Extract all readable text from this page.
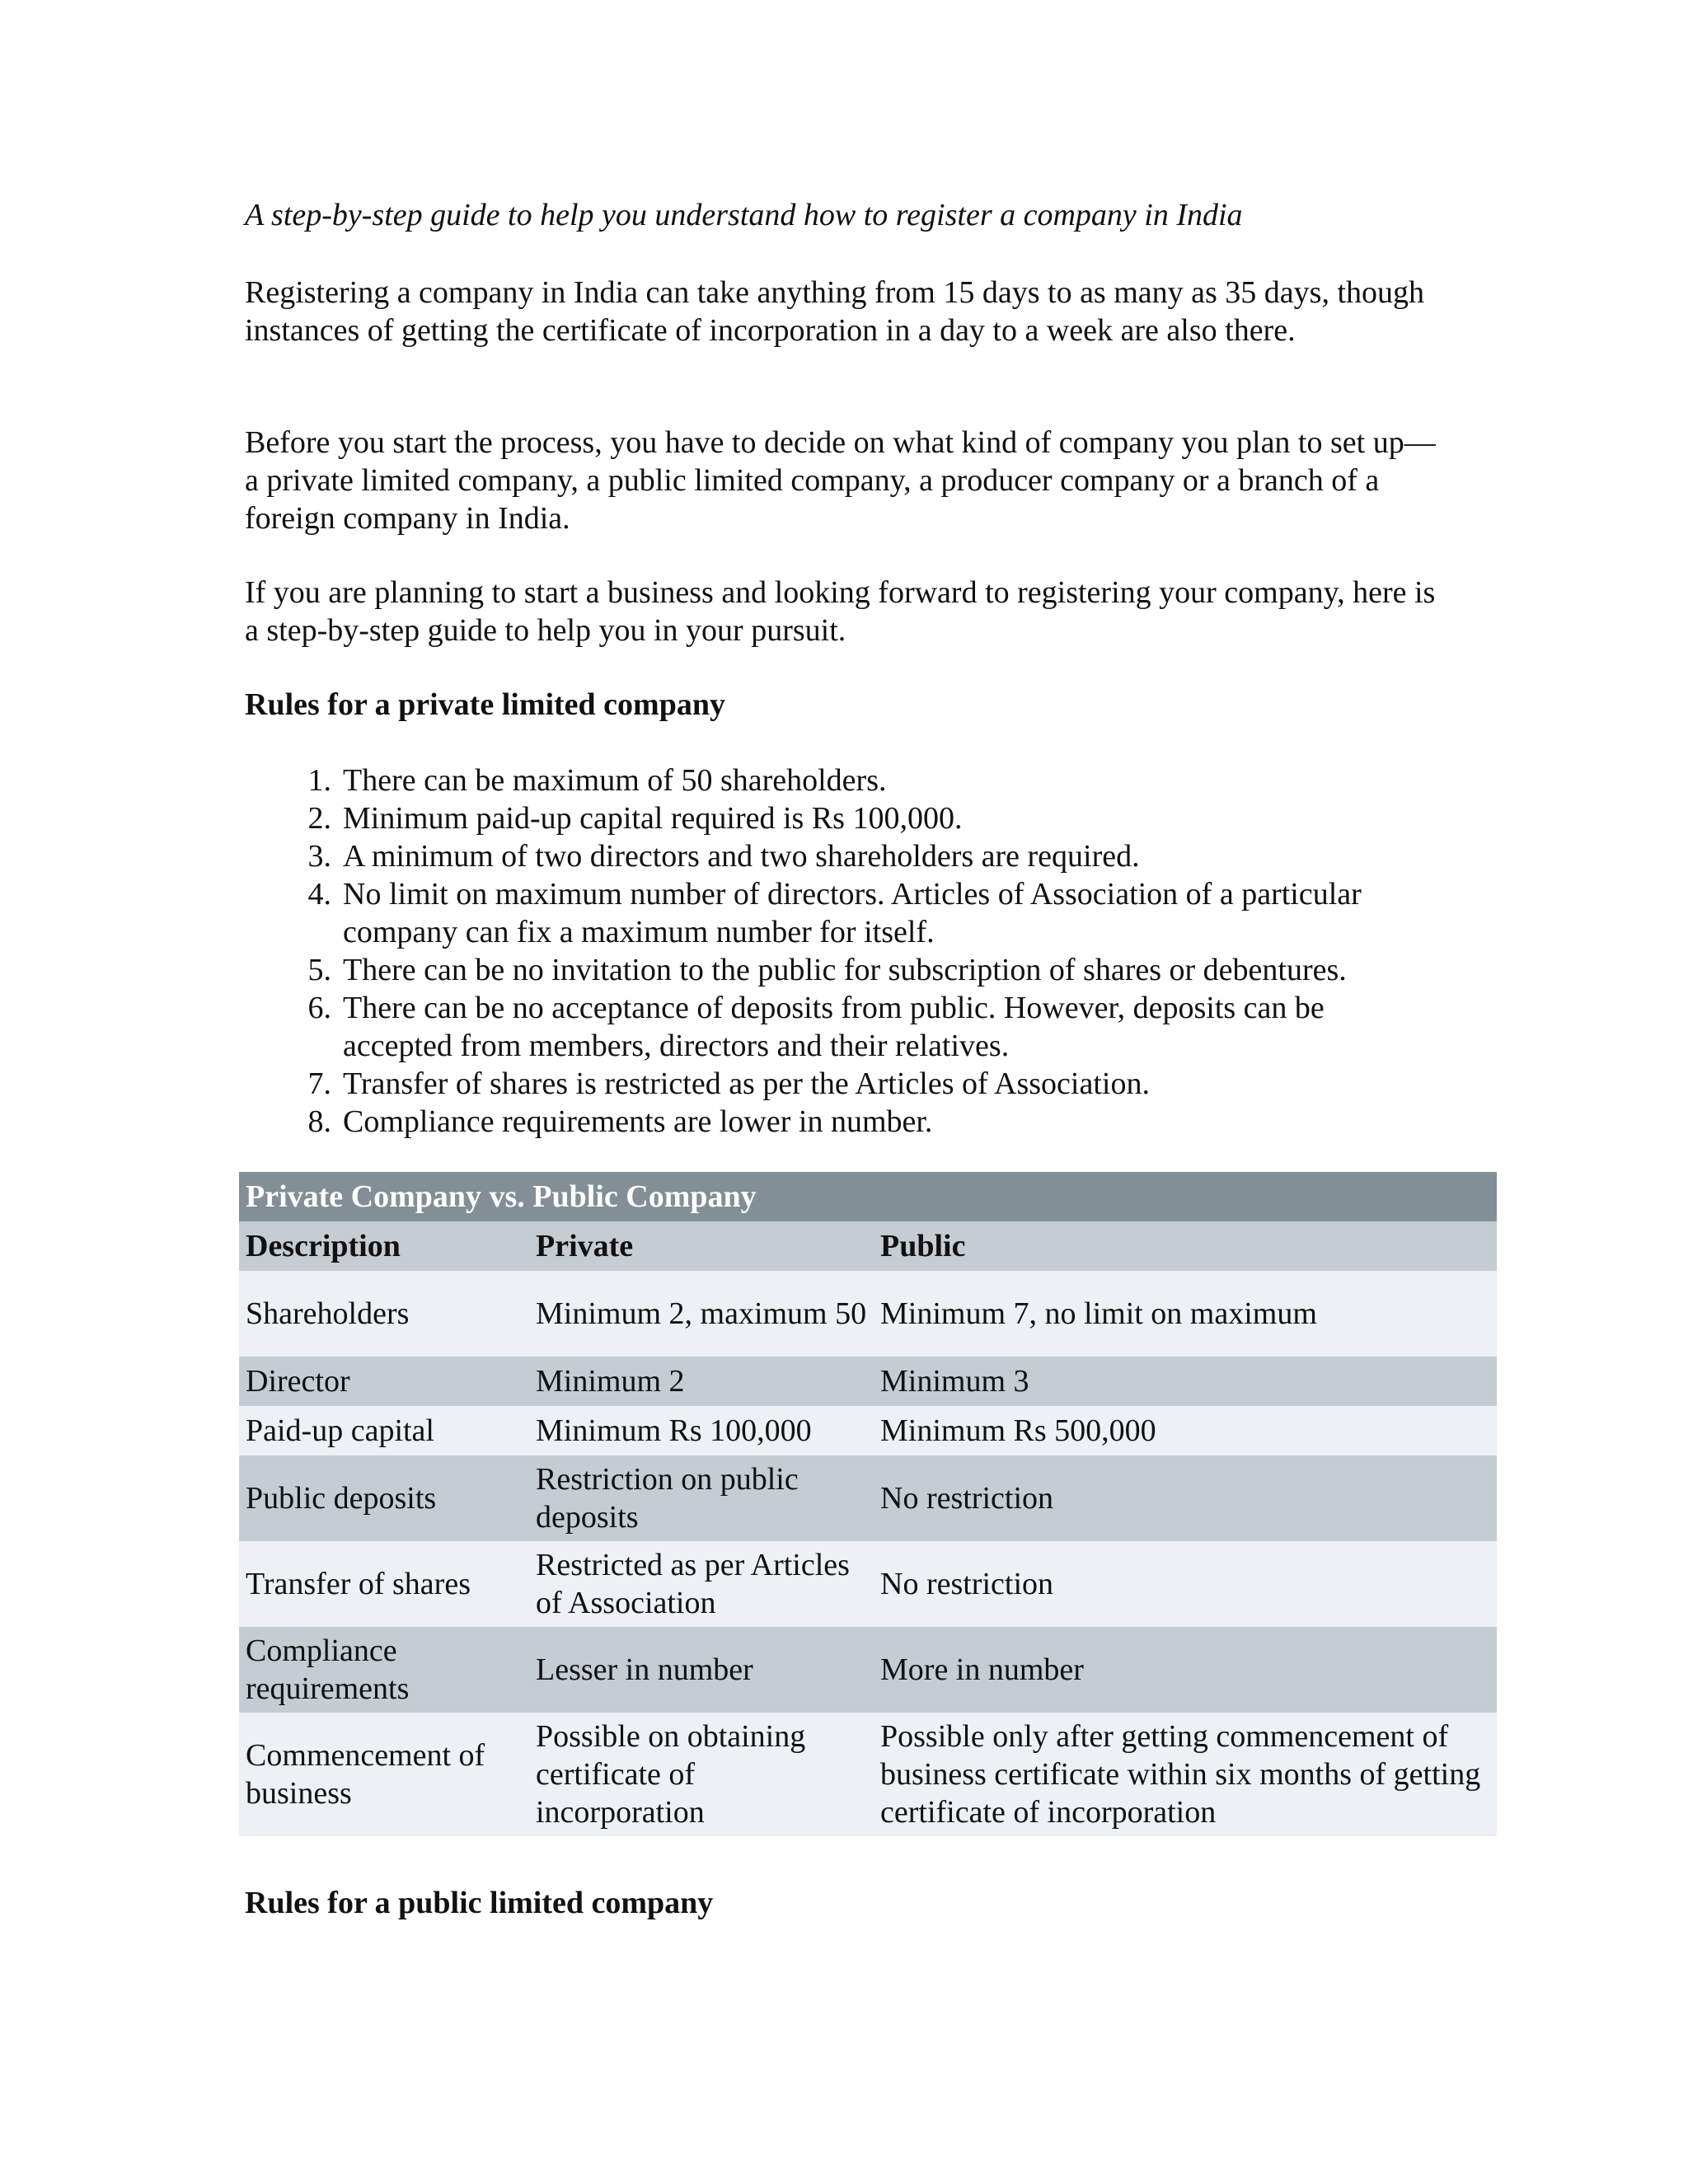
A step-by-step guide to help you understand how to register a company in India

Registering a company in India can take anything from 15 days to as many as 35 days, though instances of getting the certificate of incorporation in a day to a week are also there.

Before you start the process, you have to decide on what kind of company you plan to set up—a private limited company, a public limited company, a producer company or a branch of a foreign company in India.

If you are planning to start a business and looking forward to registering your company, here is a step-by-step guide to help you in your pursuit.

Rules for a private limited company

1. There can be maximum of 50 shareholders.
2. Minimum paid-up capital required is Rs 100,000.
3. A minimum of two directors and two shareholders are required.
4. No limit on maximum number of directors. Articles of Association of a particular company can fix a maximum number for itself.
5. There can be no invitation to the public for subscription of shares or debentures.
6. There can be no acceptance of deposits from public. However, deposits can be accepted from members, directors and their relatives.
7. Transfer of shares is restricted as per the Articles of Association.
8. Compliance requirements are lower in number.

Rules for a public limited company

Private Company vs. Public Company		
Description	Private	Public
Shareholders	Minimum 2, maximum 50	Minimum 7, no limit on maximum
Director	Minimum 2	Minimum 3
Paid-up capital	Minimum Rs 100,000	Minimum Rs 500,000
Public deposits	Restriction on public deposits	No restriction
Transfer of shares	Restricted as per Articles of Association	No restriction
Compliance requirements	Lesser in number	More in number
Commencement of business	Possible on obtaining certificate of incorporation	Possible only after getting commencement of business certificate within six months of getting certificate of incorporation
